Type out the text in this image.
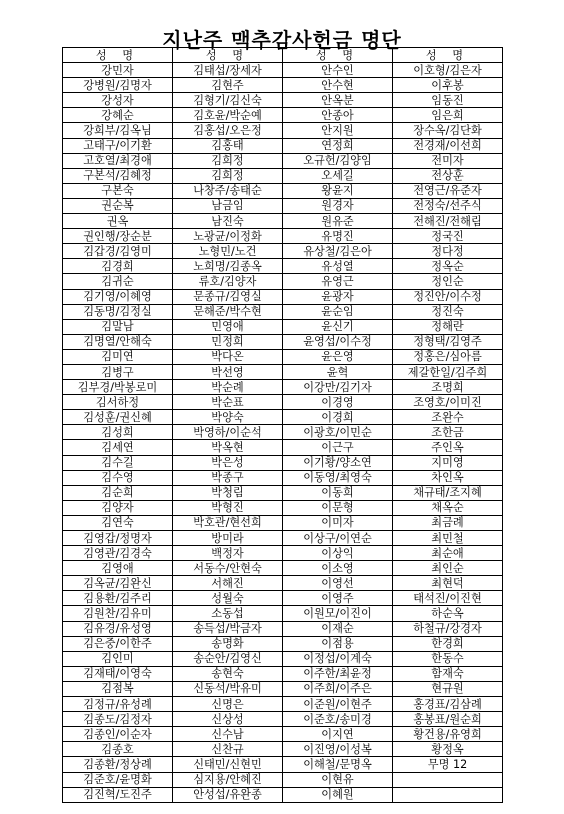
지난주 맥추감사헌금 명단
성 명	성 명	성 명	성 명
강민자	김태섭/장세자	안수인	이호형/김은자
강병원/김명자	김현주	안수현	이후봉
강성자	김형기/김신숙	안옥분	임동진
강혜순	김호윤/박순예	안종아	임은희
강희부/김옥님	김홍섭/오은정	안지원	장수옥/김단화
고태구/이기환	김홍태	연정희	전경재/이선희
고호열/최경애	김희정	오규헌/김양임	전미자
구본석/김혜정	김희정	오세길	전상훈
구본숙	나창주/송태순	왕윤지	전영근/유준자
권순복	남금임	원경자	전정숙/선주식
권옥	남진숙	원유준	전해진/전해림
권인행/장순분	노광균/이정화	유명진	정국진
김갑경/김영미	노형민/노건	유상철/김은아	정다정
김경희	노희명/김종옥	유성열	정옥순
김귀순	류호/김양자	유영근	정인순
김기영/이혜영	문종규/김영실	윤광자	정진안/이수정
김동명/김정실	문해준/박수현	윤순임	정진숙
김말남	민영애	윤신기	정해란
김명열/안해숙	민정희	윤영섭/이수정	정형택/김영주
김미연	박다온	윤은영	정홍은/심아름
김병구	박선영	윤혁	제갈한일/김주희
김부경/박봉로미	박순례	이강만/김기자	조명희
김서하정	박순표	이경영	조영호/이미진
김성훈/권신혜	박양숙	이경희	조완수
김성희	박영하/이순석	이광호/이민순	조한금
김세연	박옥현	이근구	주인옥
김수길	박은성	이기황/양소연	지미영
김수영	박종구	이동영/최영숙	차인옥
김순희	박청림	이동희	채규태/조지혜
김양자	박형진	이문형	채옥순
김연숙	박호관/현선희	이미자	최금례
김영갑/정명자	방미라	이상구/이연순	최민철
김영관/김경숙	백정자	이상익	최순애
김영애	서동수/안현숙	이소영	최인순
김옥균/김완신	서해진	이영선	최현덕
김용환/김주리	성월숙	이영주	태석진/이진현
김원찬/김유미	소동섭	이원모/이진이	하순옥
김유경/유성영	송득섭/박금자	이재순	하철규/강경자
김은중/이한주	송명화	이점용	한경희
김인미	송순안/김영신	이정섭/이계숙	한동수
김재태/이영숙	송현숙	이주한/최윤정	함재숙
김점복	신동석/박유미	이주희/이주은	현규원
김정규/유성례	신명은	이준원/이현주	홍경표/김삼례
김종도/김정자	신상성	이준호/송미경	홍봉표/원순희
김종인/이순자	신수남	이지연	황건용/유영희
김종호	신찬규	이진영/이성복	황정옥
김종환/정상례	신태민/신현민	이해철/문명옥	무명 12
김준호/윤명화	심지용/안혜진	이현유	
김진혁/도진주	안성섭/유완종	이혜원	
